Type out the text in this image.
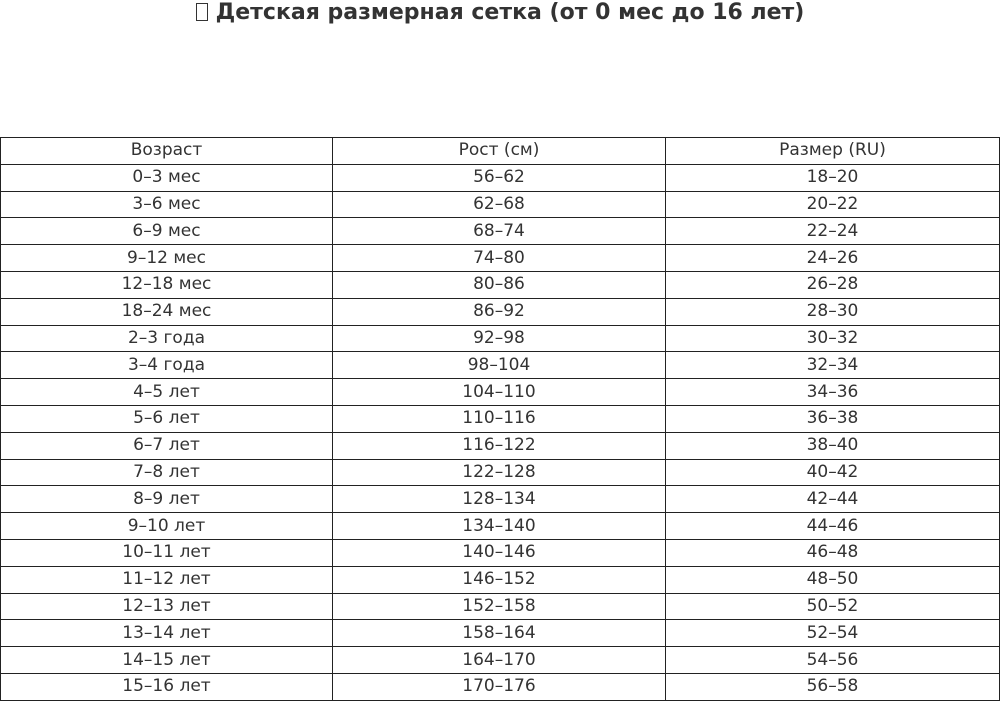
Детская размерная сетка (от 0 мес до 16 лет)
Возраст	Рост (см)	Размер (RU)
0–3 мес	56–62	18–20
3–6 мес	62–68	20–22
6–9 мес	68–74	22–24
9–12 мес	74–80	24–26
12–18 мес	80–86	26–28
18–24 мес	86–92	28–30
2–3 года	92–98	30–32
3–4 года	98–104	32–34
4–5 лет	104–110	34–36
5–6 лет	110–116	36–38
6–7 лет	116–122	38–40
7–8 лет	122–128	40–42
8–9 лет	128–134	42–44
9–10 лет	134–140	44–46
10–11 лет	140–146	46–48
11–12 лет	146–152	48–50
12–13 лет	152–158	50–52
13–14 лет	158–164	52–54
14–15 лет	164–170	54–56
15–16 лет	170–176	56–58
